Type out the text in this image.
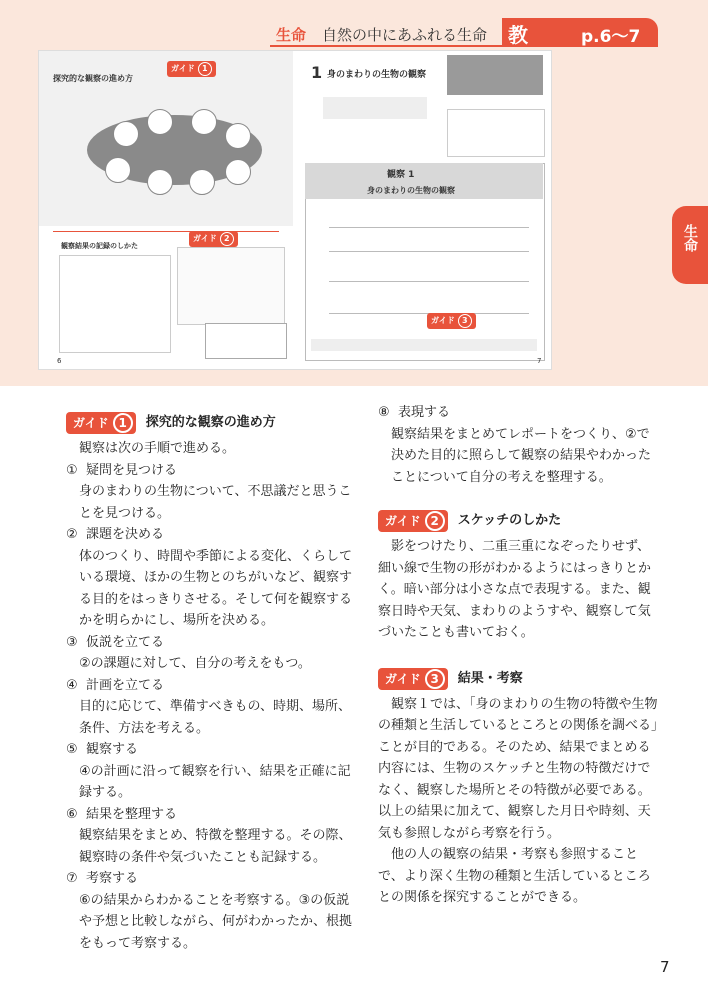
生命 自然の中にあふれる生命 教	p.6〜7
生命
探究的な観察の進め方
ガイド 1
観察結果の記録のしかた
ガイド 2
6
1 身のまわりの生物の観察
観察 1
身のまわりの生物の観察
ガイド 3
7
ガイド 1 探究的な観察の進め方

観察は次の手順で進める。

① 疑問を見つける

身のまわりの生物について、不思議だと思うことを見つける。

② 課題を決める

体のつくり、時間や季節による変化、くらしている環境、ほかの生物とのちがいなど、観察する目的をはっきりさせる。そして何を観察するかを明らかにし、場所を決める。

③ 仮説を立てる

②の課題に対して、自分の考えをもつ。

④ 計画を立てる

目的に応じて、準備すべきもの、時期、場所、条件、方法を考える。

⑤ 観察する

④の計画に沿って観察を行い、結果を正確に記録する。

⑥ 結果を整理する

観察結果をまとめ、特徴を整理する。その際、観察時の条件や気づいたことも記録する。

⑦ 考察する

⑥の結果からわかることを考察する。③の仮説や予想と比較しながら、何がわかったか、根拠をもって考察する。

⑧ 表現する

観察結果をまとめてレポートをつくり、②で決めた目的に照らして観察の結果やわかったことについて自分の考えを整理する。

ガイド 2 スケッチのしかた

影をつけたり、二重三重になぞったりせず、細い線で生物の形がわかるようにはっきりとかく。暗い部分は小さな点で表現する。また、観察日時や天気、まわりのようすや、観察して気づいたことも書いておく。

ガイド 3 結果・考察

観察１では、「身のまわりの生物の特徴や生物の種類と生活しているところとの関係を調べる」ことが目的である。そのため、結果でまとめる内容には、生物のスケッチと生物の特徴だけでなく、観察した場所とその特徴が必要である。以上の結果に加えて、観察した月日や時刻、天気も参照しながら考察を行う。

他の人の観察の結果・考察も参照することで、より深く生物の種類と生活しているところとの関係を探究することができる。

7
